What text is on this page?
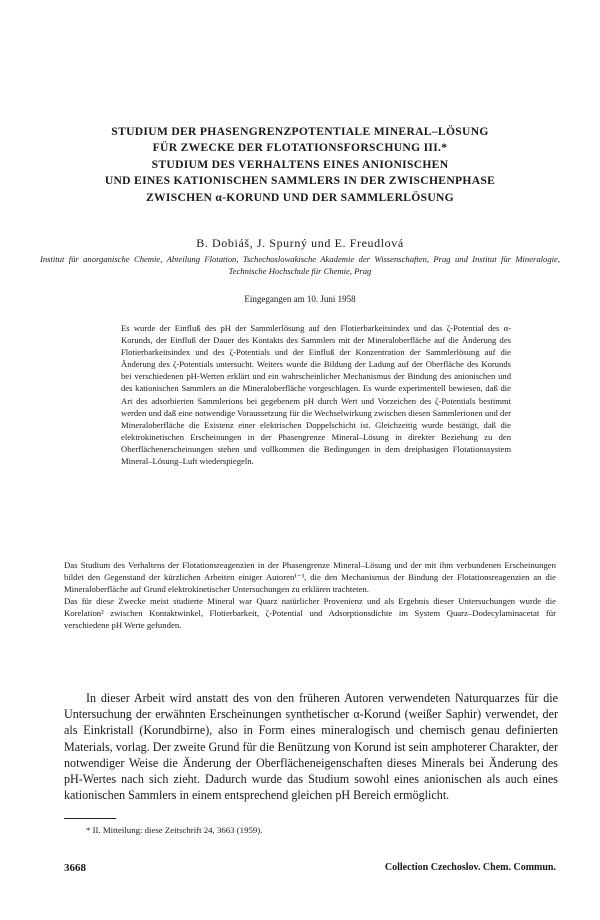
STUDIUM DER PHASENGRENZPOTENTIALE MINERAL–LÖSUNG
FÜR ZWECKE DER FLOTATIONSFORSCHUNG III.*
STUDIUM DES VERHALTENS EINES ANIONISCHEN
UND EINES KATIONISCHEN SAMMLERS IN DER ZWISCHENPHASE
ZWISCHEN α-KORUND UND DER SAMMLERLÖSUNG
B. Dobiáš, J. Spurný und E. Freudlová
Institut für anorganische Chemie, Abteilung Flotation, Tschechoslowakische Akademie der Wissenschaften, Prag und Institut für Mineralogie, Technische Hochschule für Chemie, Prag
Eingegangen am 10. Juni 1958
Es wurde der Einfluß des pH der Sammlerlösung auf den Flotierbarkeitsindex und das ζ-Potential des α-Korunds, der Einfluß der Dauer des Kontakts des Sammlers mit der Mineraloberfläche auf die Änderung des Flotierbarkeitsindex und des ζ-Potentials und der Einfluß der Konzentration der Sammlerlösung auf die Änderung des ζ-Potentials untersucht. Weiters wurde die Bildung der Ladung auf der Oberfläche des Korunds bei verschiedenen pH-Werten erklärt und ein wahrscheinlicher Mechanismus der Bindung des anionischen und des kationischen Sammlers an die Mineraloberfläche vorgeschlagen. Es wurde experimentell bewiesen, daß die Art des adsorbierten Sammlerions bei gegebenem pH durch Wert und Vorzeichen des ζ-Potentials bestimmt werden und daß eine notwendige Voraussetzung für die Wechselwirkung zwischen diesen Sammlerionen und der Mineraloberfläche die Existenz einer elektrischen Doppelschicht ist. Gleichzeitig wurde bestätigt, daß die elektrokinetischen Erscheinungen in der Phasengrenze Mineral–Lösung in direkter Beziehung zu den Oberflächenerscheinungen stehen und vollkommen die Bedingungen in dem dreiphasigen Flotationssystem Mineral–Lösung–Luft wiederspiegeln.

Das Studium des Verhaltens der Flotationsreagenzien in der Phasengrenze Mineral–Lösung und der mit ihm verbundenen Erscheinungen bildet den Gegenstand der kürzlichen Arbeiten einiger Autoren¹⁻³, die den Mechanismus der Bindung der Flotationsreagenzien an die Mineraloberfläche auf Grund elektrokinetischer Untersuchungen zu erklären trachteten.

Das für diese Zwecke meist studierte Mineral war Quarz natürlicher Provenienz und als Ergebnis dieser Untersuchungen wurde die Korelation² zwischen Kontaktwinkel, Flotierbarkeit, ζ-Potential und Adsorptionsdichte im System Quarz–Dodecylaminacetat für verschiedene pH Werte gefunden.

In dieser Arbeit wird anstatt des von den früheren Autoren verwendeten Naturquarzes für die Untersuchung der erwähnten Erscheinungen synthetischer α-Korund (weißer Saphir) verwendet, der als Einkristall (Korundbirne), also in Form eines mineralogisch und chemisch genau definierten Materials, vorlag. Der zweite Grund für die Benützung von Korund ist sein amphoterer Charakter, der notwendiger Weise die Änderung der Oberflächeneigenschaften dieses Minerals bei Änderung des pH-Wertes nach sich zieht. Dadurch wurde das Studium sowohl eines anionischen als auch eines kationischen Sammlers in einem entsprechend gleichen pH Bereich ermöglicht.

* II. Mitteilung: diese Zeitschrift 24, 3663 (1959).
3668	Collection Czechoslov. Chem. Commun.
